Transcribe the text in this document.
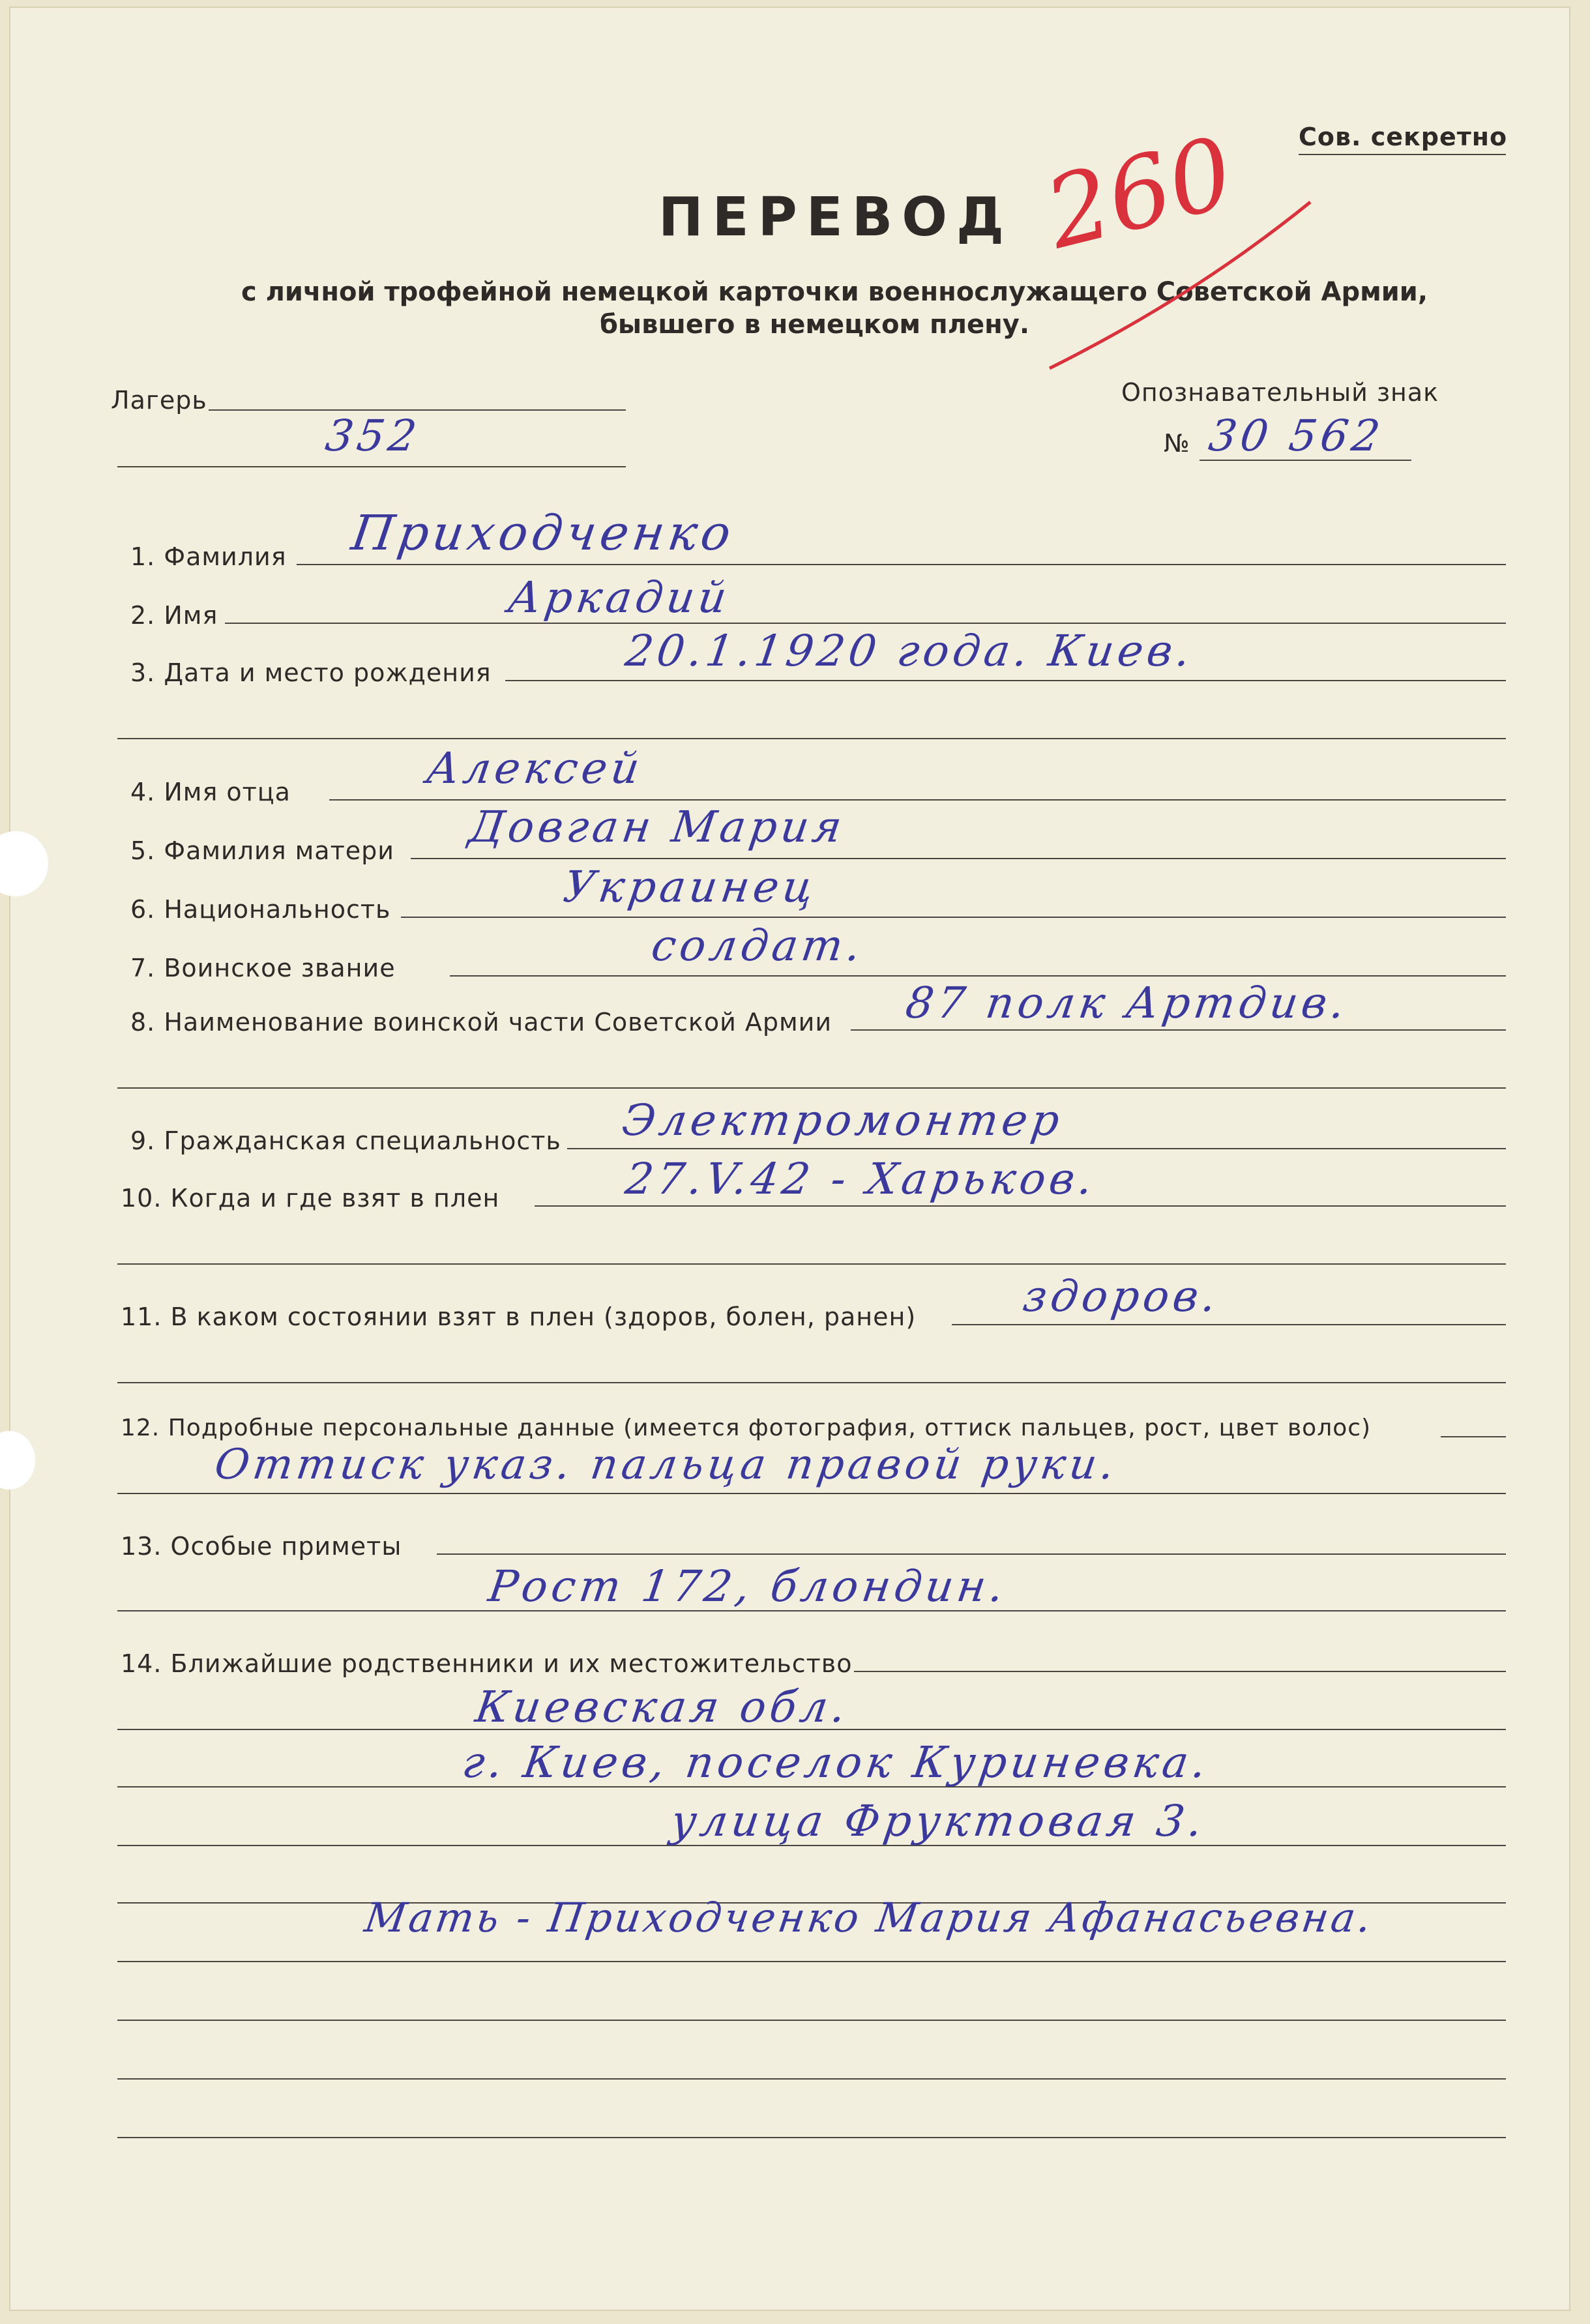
Сов. секретно
ПЕРЕВОД
с личной трофейной немецкой карточки военнослужащего Советской Армии,
бывшего в немецком плену.
260
Лагерь
352
Опознавательный знак
№ 30 562
1. Фамилия Приходченко
2. Имя	Аркадий
3. Дата и место рождения	20.1.1920 года. Киев.
4. Имя отца	Алексей
5. Фамилия матери Довган Мария
6. Национальность	Украинец
7. Воинское звание	солдат.
8. Наименование воинской части Советской Армии 87 полк Артдив.
9. Гражданская специальность Электромонтер
10. Когда и где взят в плен	27.V.42 - Харьков.
11. В каком состоянии взят в плен (здоров, болен, ранен) здоров.
12. Подробные персональные данные (имеется фотография, оттиск пальцев, рост, цвет волос)
Оттиск указ. пальца правой руки.
13. Особые приметы
Рост 172, блондин.
14. Ближайшие родственники и их местожительство
Киевская обл.
г. Киев, поселок Куриневка.
улица Фруктовая 3.
Мать - Приходченко Мария Афанасьевна.
